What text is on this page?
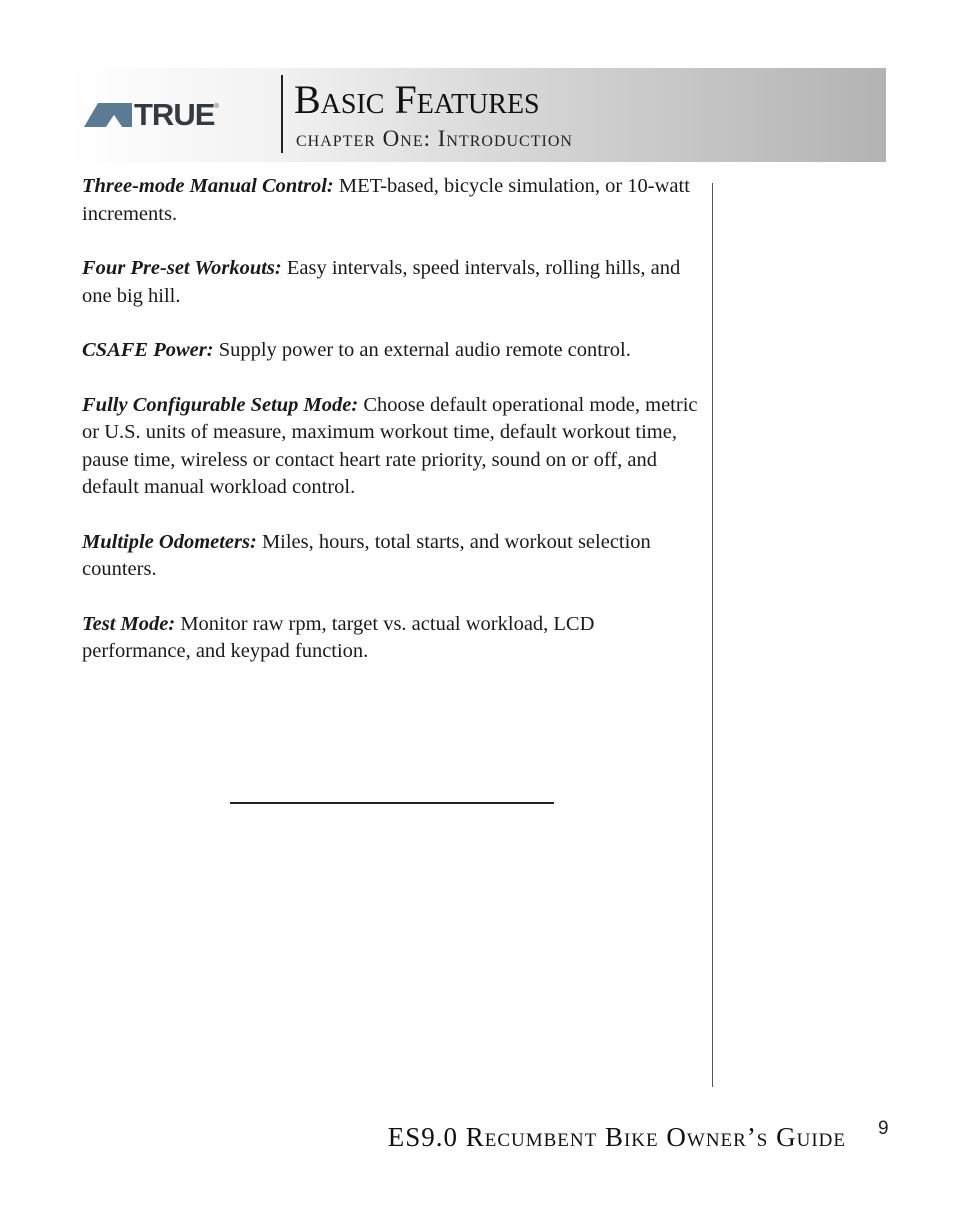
TRUE ® Basic Features
chapter One: Introduction

Three-mode Manual Control: MET-based, bicycle simulation, or 10-watt increments.

Four Pre-set Workouts: Easy intervals, speed intervals, rolling hills, and one big hill.

CSAFE Power: Supply power to an external audio remote control.

Fully Configurable Setup Mode: Choose default operational mode, metric or U.S. units of measure, maximum workout time, default workout time, pause time, wireless or contact heart rate priority, sound on or off, and default manual workload control.

Multiple Odometers: Miles, hours, total starts, and workout selection counters.

Test Mode: Monitor raw rpm, target vs. actual workload, LCD performance, and keypad function.

ES9.0 Recumbent Bike Owner’s Guide 9
